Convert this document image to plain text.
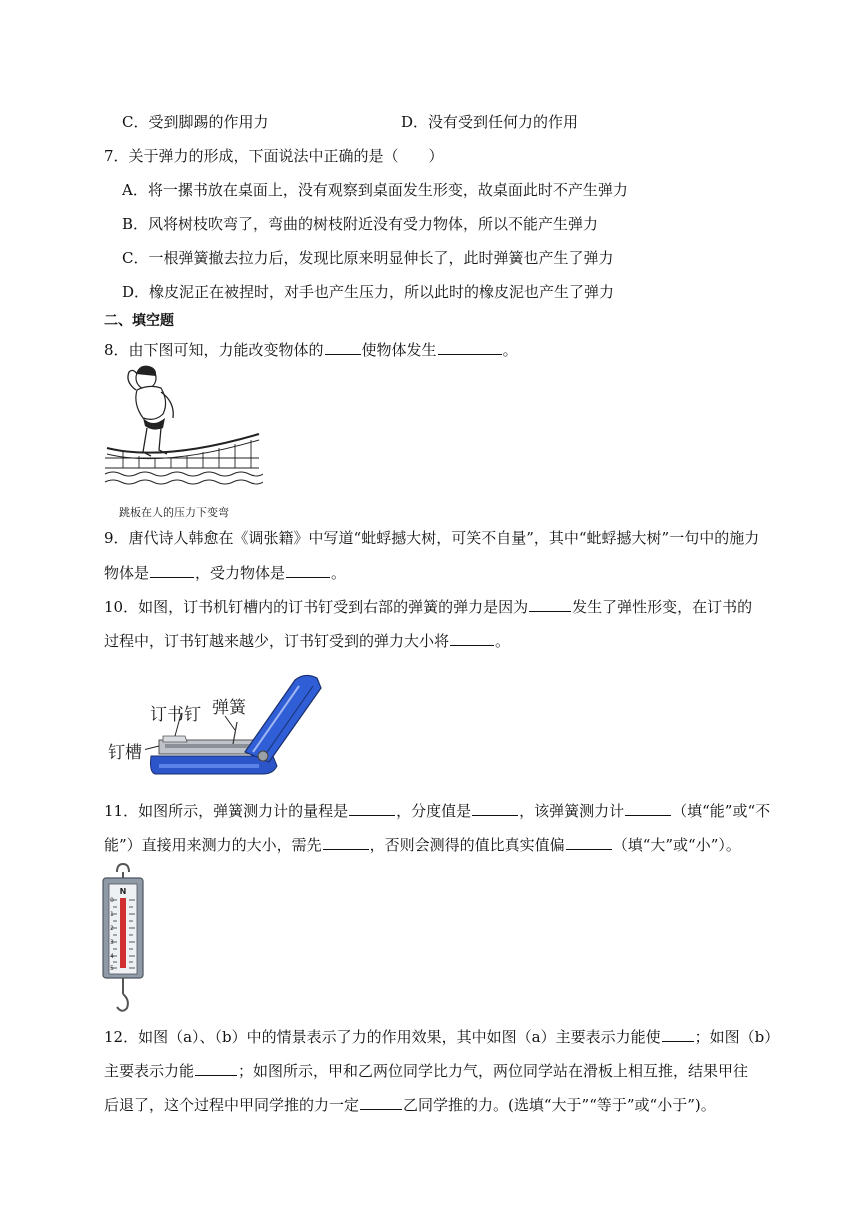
C．受到脚踢的作用力	D．没有受到任何力的作用
7．关于弹力的形成，下面说法中正确的是（　　）
A．将一摞书放在桌面上，没有观察到桌面发生形变，故桌面此时不产生弹力
B．风将树枝吹弯了，弯曲的树枝附近没有受力物体，所以不能产生弹力
C．一根弹簧撤去拉力后，发现比原来明显伸长了，此时弹簧也产生了弹力
D．橡皮泥正在被捏时，对手也产生压力，所以此时的橡皮泥也产生了弹力
二、填空题
8．由下图可知，力能改变物体的	使物体发生	。
跳板在人的压力下变弯
9．唐代诗人韩愈在《调张籍》中写道“蚍蜉撼大树，可笑不自量”，其中“蚍蜉撼大树”一句中的施力
物体是	，受力物体是	。
10．如图，订书机钉槽内的订书钉受到右部的弹簧的弹力是因为	发生了弹性形变，在订书的
过程中，订书钉越来越少，订书钉受到的弹力大小将	。
订书钉 弹簧
钉槽
11．如图所示，弹簧测力计的量程是	，分度值是	，该弹簧测力计	（填“能”或“不
能”）直接用来测力的大小，需先	，否则会测得的值比真实值偏	（填“大”或“小”）。
N
0
1
2
3
4
5
12．如图（a）、（b）中的情景表示了力的作用效果，其中如图（a）主要表示力能使 ；如图（b）
主要表示力能	；如图所示，甲和乙两位同学比力气，两位同学站在滑板上相互推，结果甲往
后退了，这个过程中甲同学推的力一定	乙同学推的力。(选填“大于”“等于”或“小于”)。
